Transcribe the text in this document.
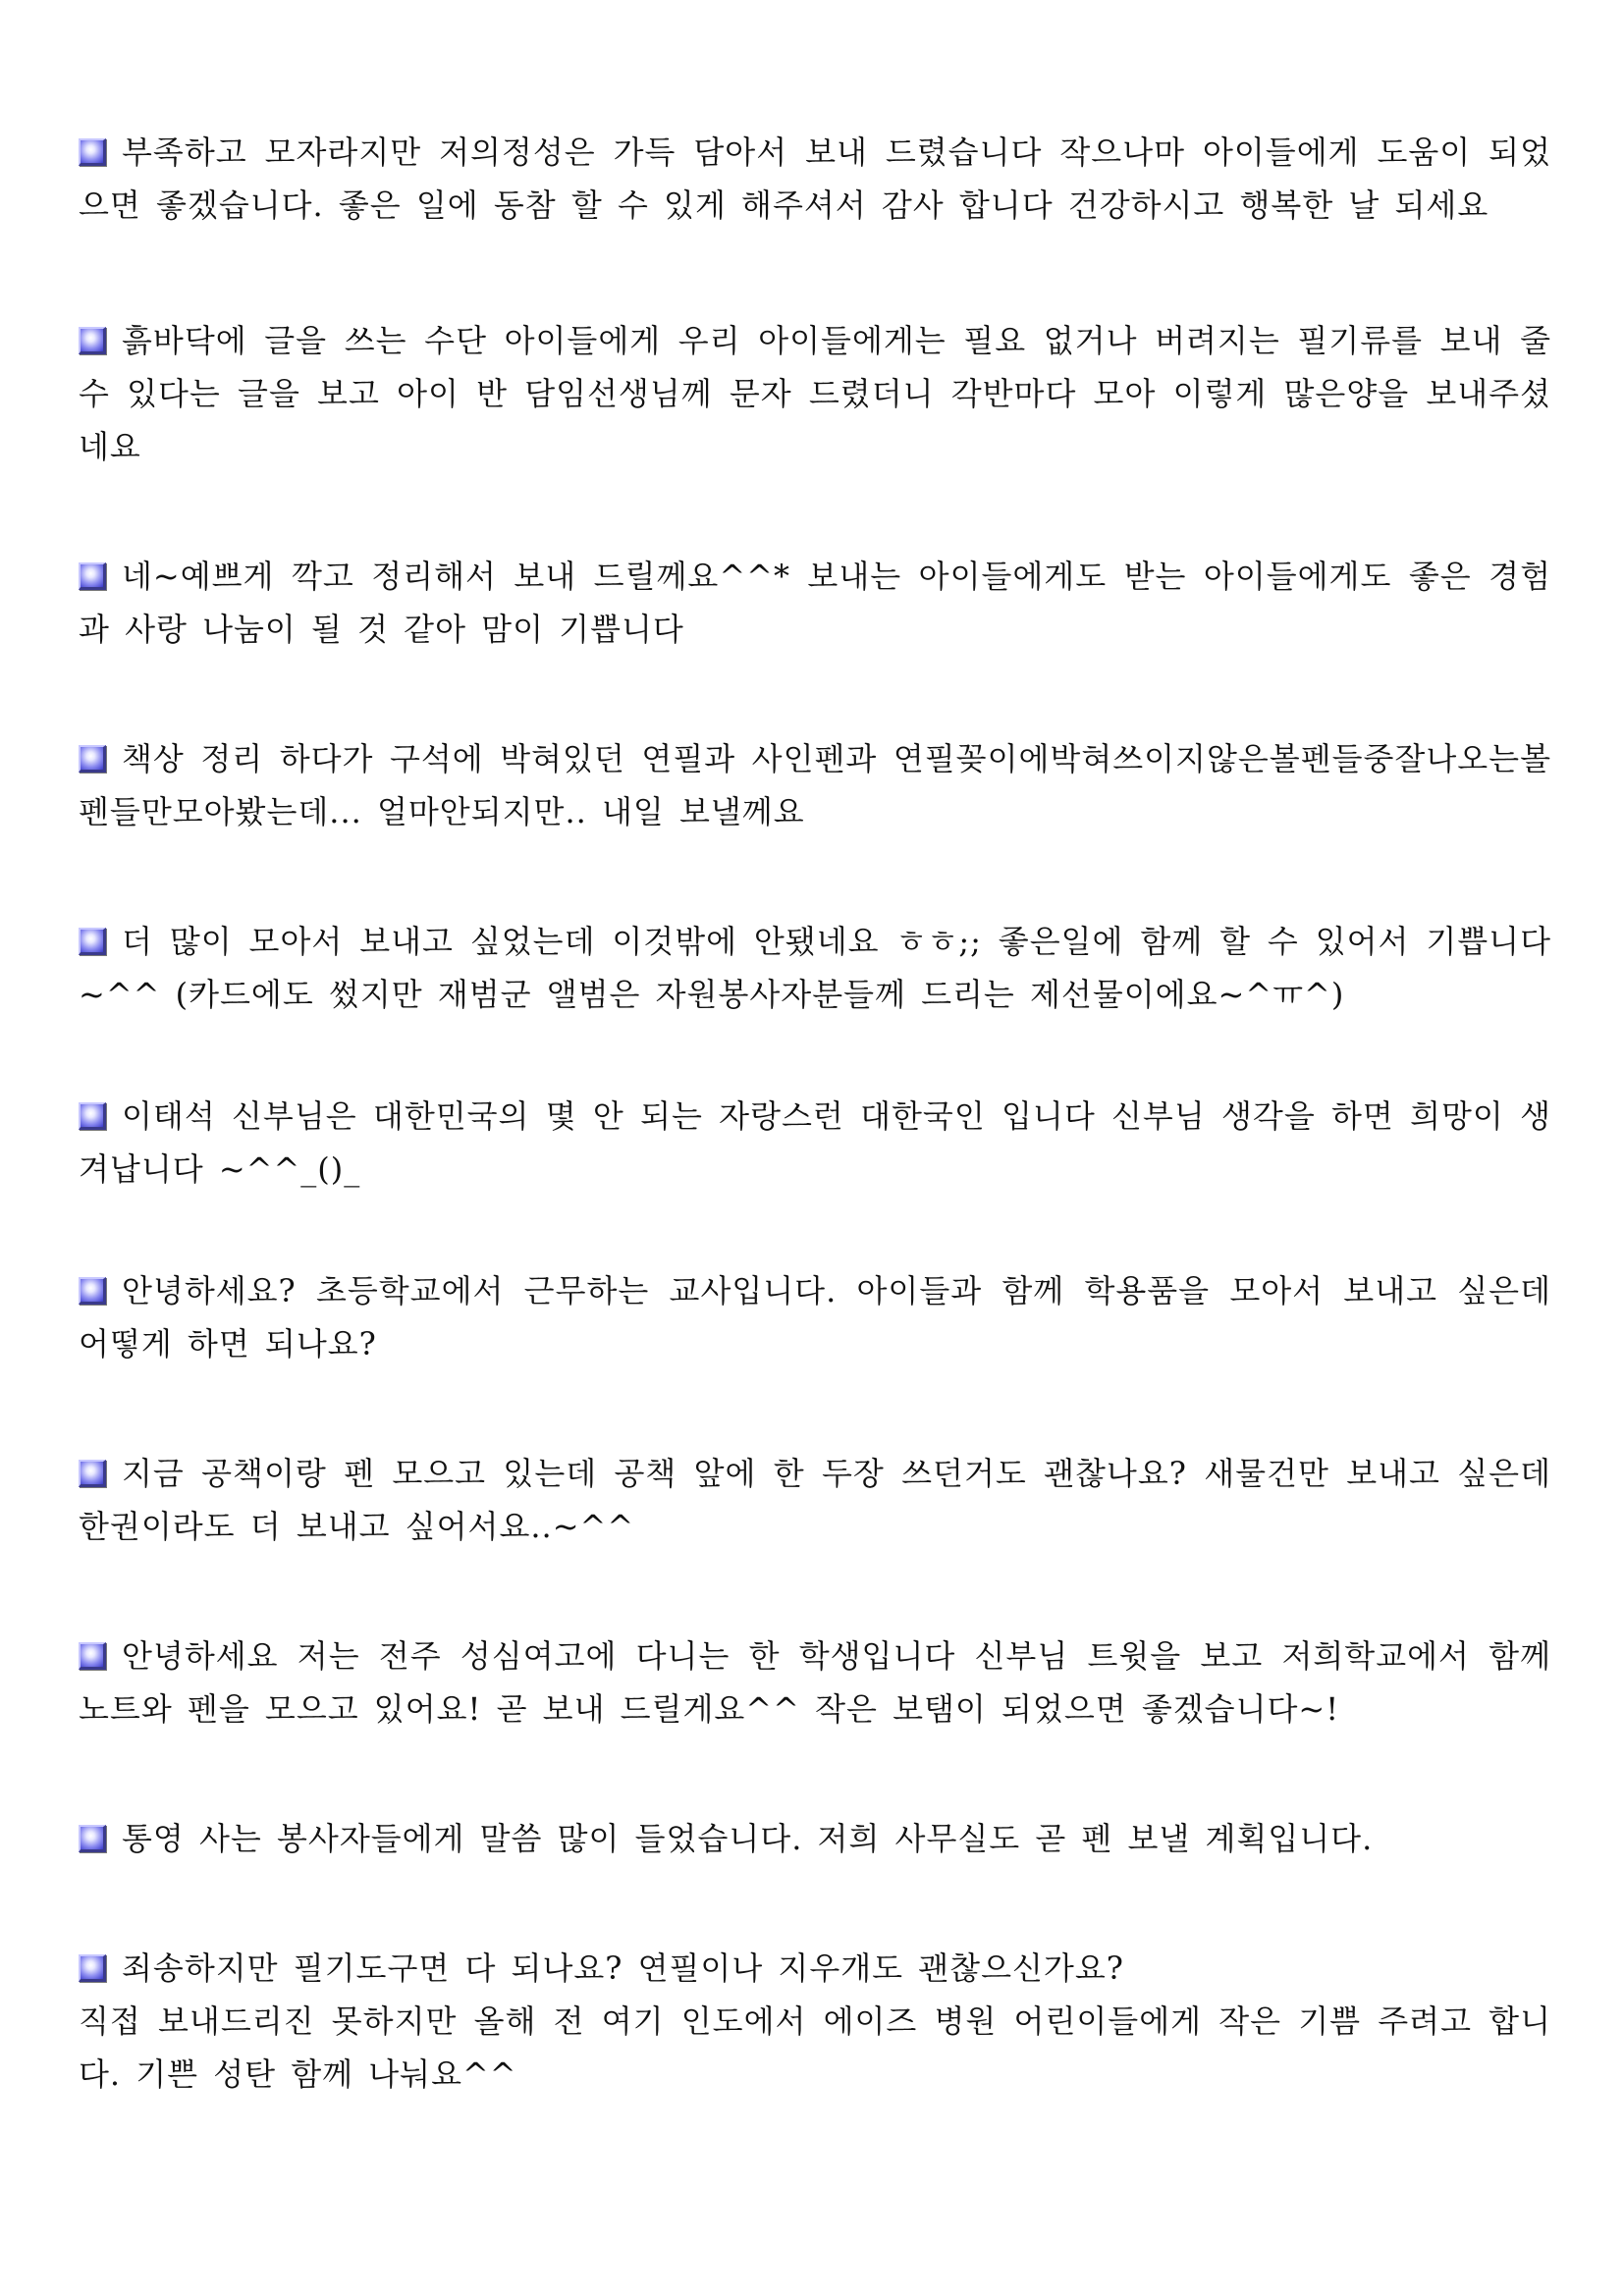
부족하고 모자라지만 저의정성은 가득 담아서 보내 드렸습니다 작으나마 아이들에게 도움이 되었으면 좋겠습니다. 좋은 일에 동참 할 수 있게 해주셔서 감사 합니다 건강하시고 행복한 날 되세요

흙바닥에 글을 쓰는 수단 아이들에게 우리 아이들에게는 필요 없거나 버려지는 필기류를 보내 줄 수 있다는 글을 보고 아이 반 담임선생님께 문자 드렸더니 각반마다 모아 이렇게 많은양을 보내주셨네요

네~예쁘게 깍고 정리해서 보내 드릴께요^^* 보내는 아이들에게도 받는 아이들에게도 좋은 경험과 사랑 나눔이 될 것 같아 맘이 기쁩니다

책상 정리 하다가 구석에 박혀있던 연필과 사인펜과 연필꽂이에박혀쓰이지않은볼펜들중잘나오는볼펜들만모아봤는데... 얼마안되지만.. 내일 보낼께요

더 많이 모아서 보내고 싶었는데 이것밖에 안됐네요 ㅎㅎ;; 좋은일에 함께 할 수 있어서 기쁩니다~^^ (카드에도 썼지만 재범군 앨범은 자원봉사자분들께 드리는 제선물이에요~^ㅠ^)

이태석 신부님은 대한민국의 몇 안 되는 자랑스런 대한국인 입니다 신부님 생각을 하면 희망이 생겨납니다 ~^^_()_

안녕하세요? 초등학교에서 근무하는 교사입니다. 아이들과 함께 학용품을 모아서 보내고 싶은데 어떻게 하면 되나요?

지금 공책이랑 펜 모으고 있는데 공책 앞에 한 두장 쓰던거도 괜찮나요? 새물건만 보내고 싶은데 한권이라도 더 보내고 싶어서요..~^^

안녕하세요 저는 전주 성심여고에 다니는 한 학생입니다 신부님 트윗을 보고 저희학교에서 함께 노트와 펜을 모으고 있어요! 곧 보내 드릴게요^^ 작은 보탬이 되었으면 좋겠습니다~!

통영 사는 봉사자들에게 말씀 많이 들었습니다. 저희 사무실도 곧 펜 보낼 계획입니다.

죄송하지만 필기도구면 다 되나요? 연필이나 지우개도 괜찮으신가요?

직접 보내드리진 못하지만 올해 전 여기 인도에서 에이즈 병원 어린이들에게 작은 기쁨 주려고 합니다. 기쁜 성탄 함께 나눠요^^
